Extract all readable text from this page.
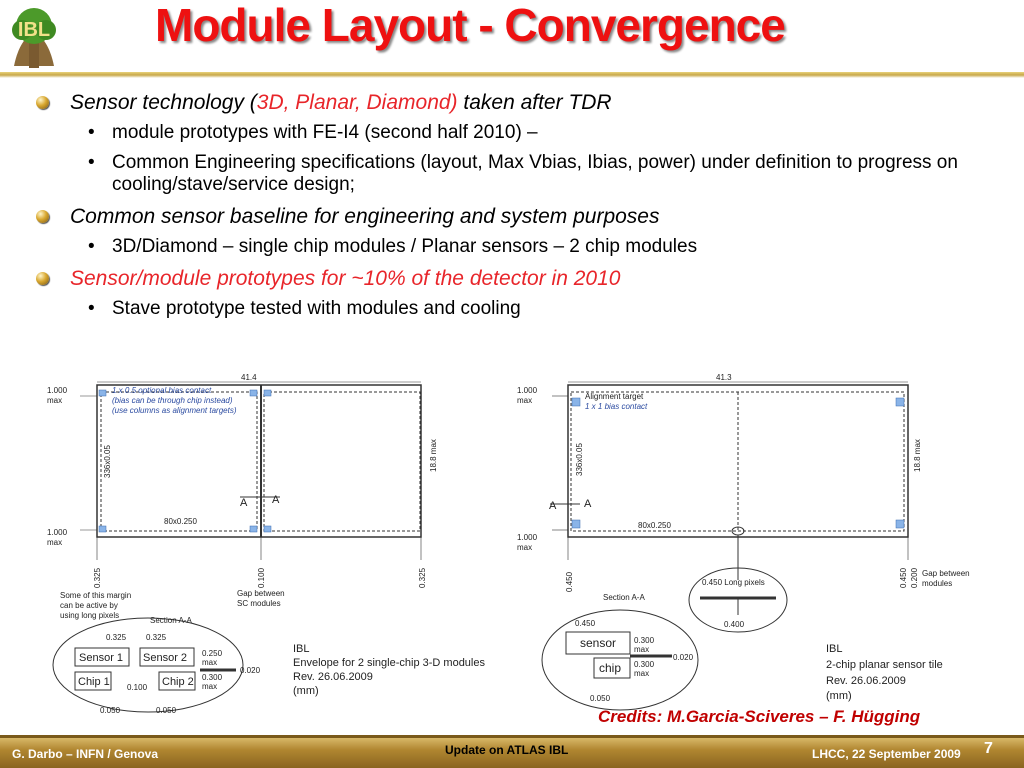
IBL Module Layout - Convergence
Sensor technology (3D, Planar, Diamond) taken after TDR
• module prototypes with FE-I4 (second half 2010) –
• Common Engineering specifications (layout, Max Vbias, Ibias, power) under definition to progress on cooling/stave/service design;
Common sensor baseline for engineering and system purposes
• 3D/Diamond – single chip modules / Planar sensors – 2 chip modules
Sensor/module prototypes for ~10% of the detector in 2010
• Stave prototype tested with modules and cooling
41.4
1.000
max
1.000
max
1 x 0.5 optional bias contact
(bias can be through chip instead)
(use columns as alignment targets)
336x0.05
80x0.250
18.8 max
A A
0.325	0.100	0.325
Some of this margin
can be active by
using long pixels
Gap between
SC modules
Section A-A
0.325 0.325
Sensor 1 Sensor 2
Chip 1	Chip 2
0.250
max
0.300
max
0.020
0.100
0.050	0.050
IBL
Envelope for 2 single-chip 3-D modules
Rev. 26.06.2009
(mm)
41.3
1.000
max
1.000
max
Alignment target
1 x 1 bias contact
336x0.05
80x0.250
18.8 max
A	A
0.450	0.450 0.200 Gap between
modules
0.450 Long pixels
0.400
Section A-A
0.450
sensor
chip
0.300
max
0.300
max
0.020
0.050
IBL
2-chip planar sensor tile
Rev. 26.06.2009
(mm)
Credits: M.Garcia-Sciveres – F. Hügging
G. Darbo – INFN / Genova	Update on ATLAS IBL	LHCC, 22 September 2009 7
